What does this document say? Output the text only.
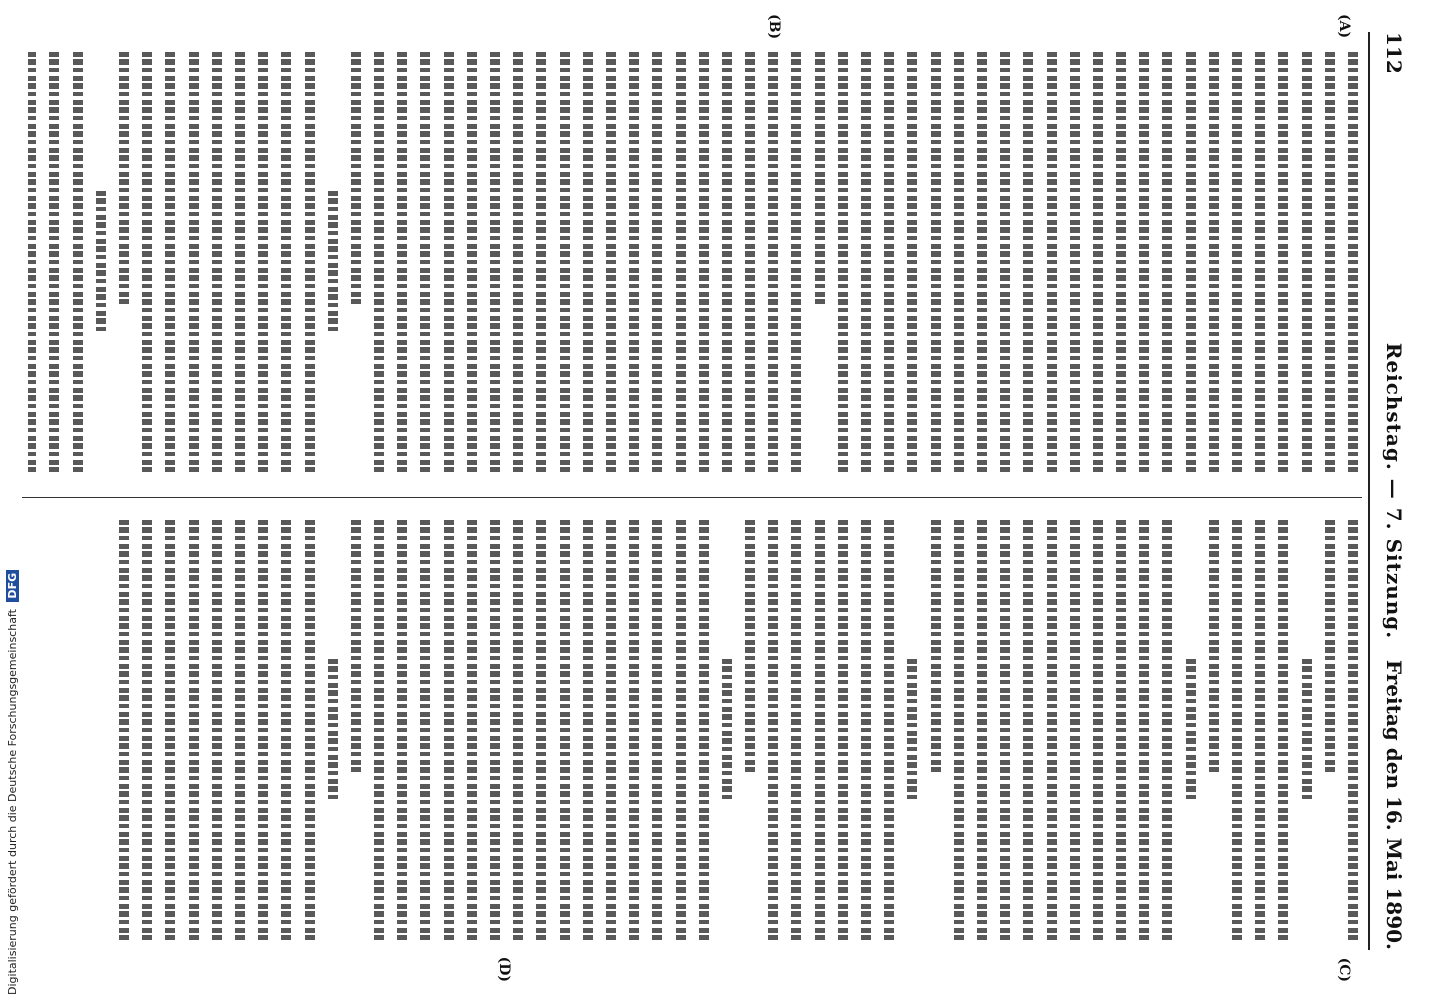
112
Reichstag. — 7. Sitzung.
Freitag den 16. Mai 1890.
(A)
(B)
(C)
(D)
Digitalisierung gefördert durch die Deutsche Forschungsgemeinschaft DFG
